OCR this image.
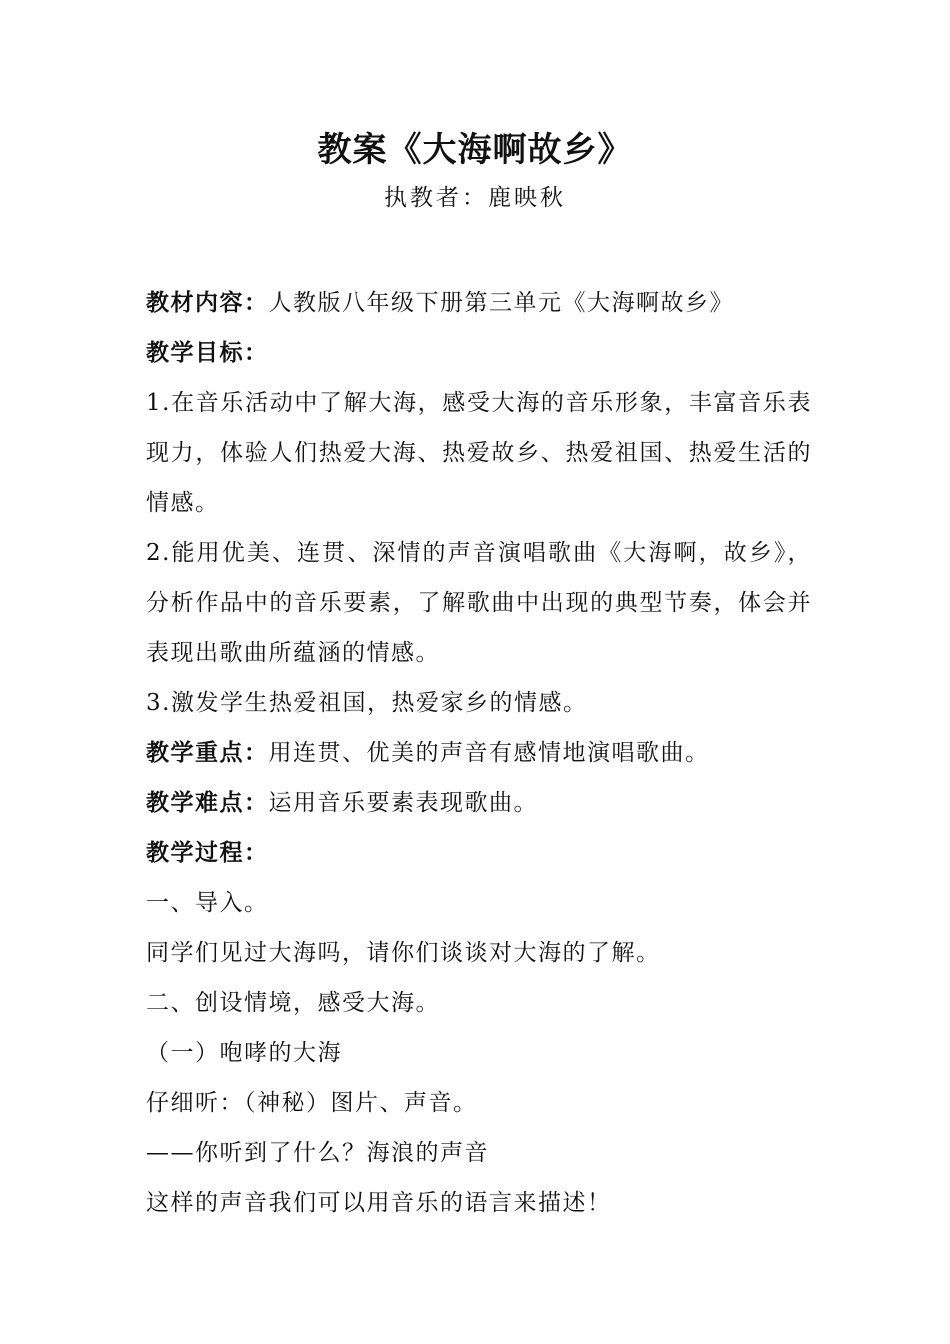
教案《大海啊故乡》
执教者：鹿映秋
教材内容：人教版八年级下册第三单元《大海啊故乡》
教学目标：
1.在音乐活动中了解大海，感受大海的音乐形象，丰富音乐表现力，体验人们热爱大海、热爱故乡、热爱祖国、热爱生活的情感。
2.能用优美、连贯、深情的声音演唱歌曲《大海啊，故乡》，分析作品中的音乐要素，了解歌曲中出现的典型节奏，体会并表现出歌曲所蕴涵的情感。
3.激发学生热爱祖国，热爱家乡的情感。
教学重点：用连贯、优美的声音有感情地演唱歌曲。
教学难点：运用音乐要素表现歌曲。
教学过程：
一、导入。
同学们见过大海吗，请你们谈谈对大海的了解。
二、创设情境，感受大海。
（一）咆哮的大海
仔细听：（神秘）图片、声音。
——你听到了什么？海浪的声音
这样的声音我们可以用音乐的语言来描述！
